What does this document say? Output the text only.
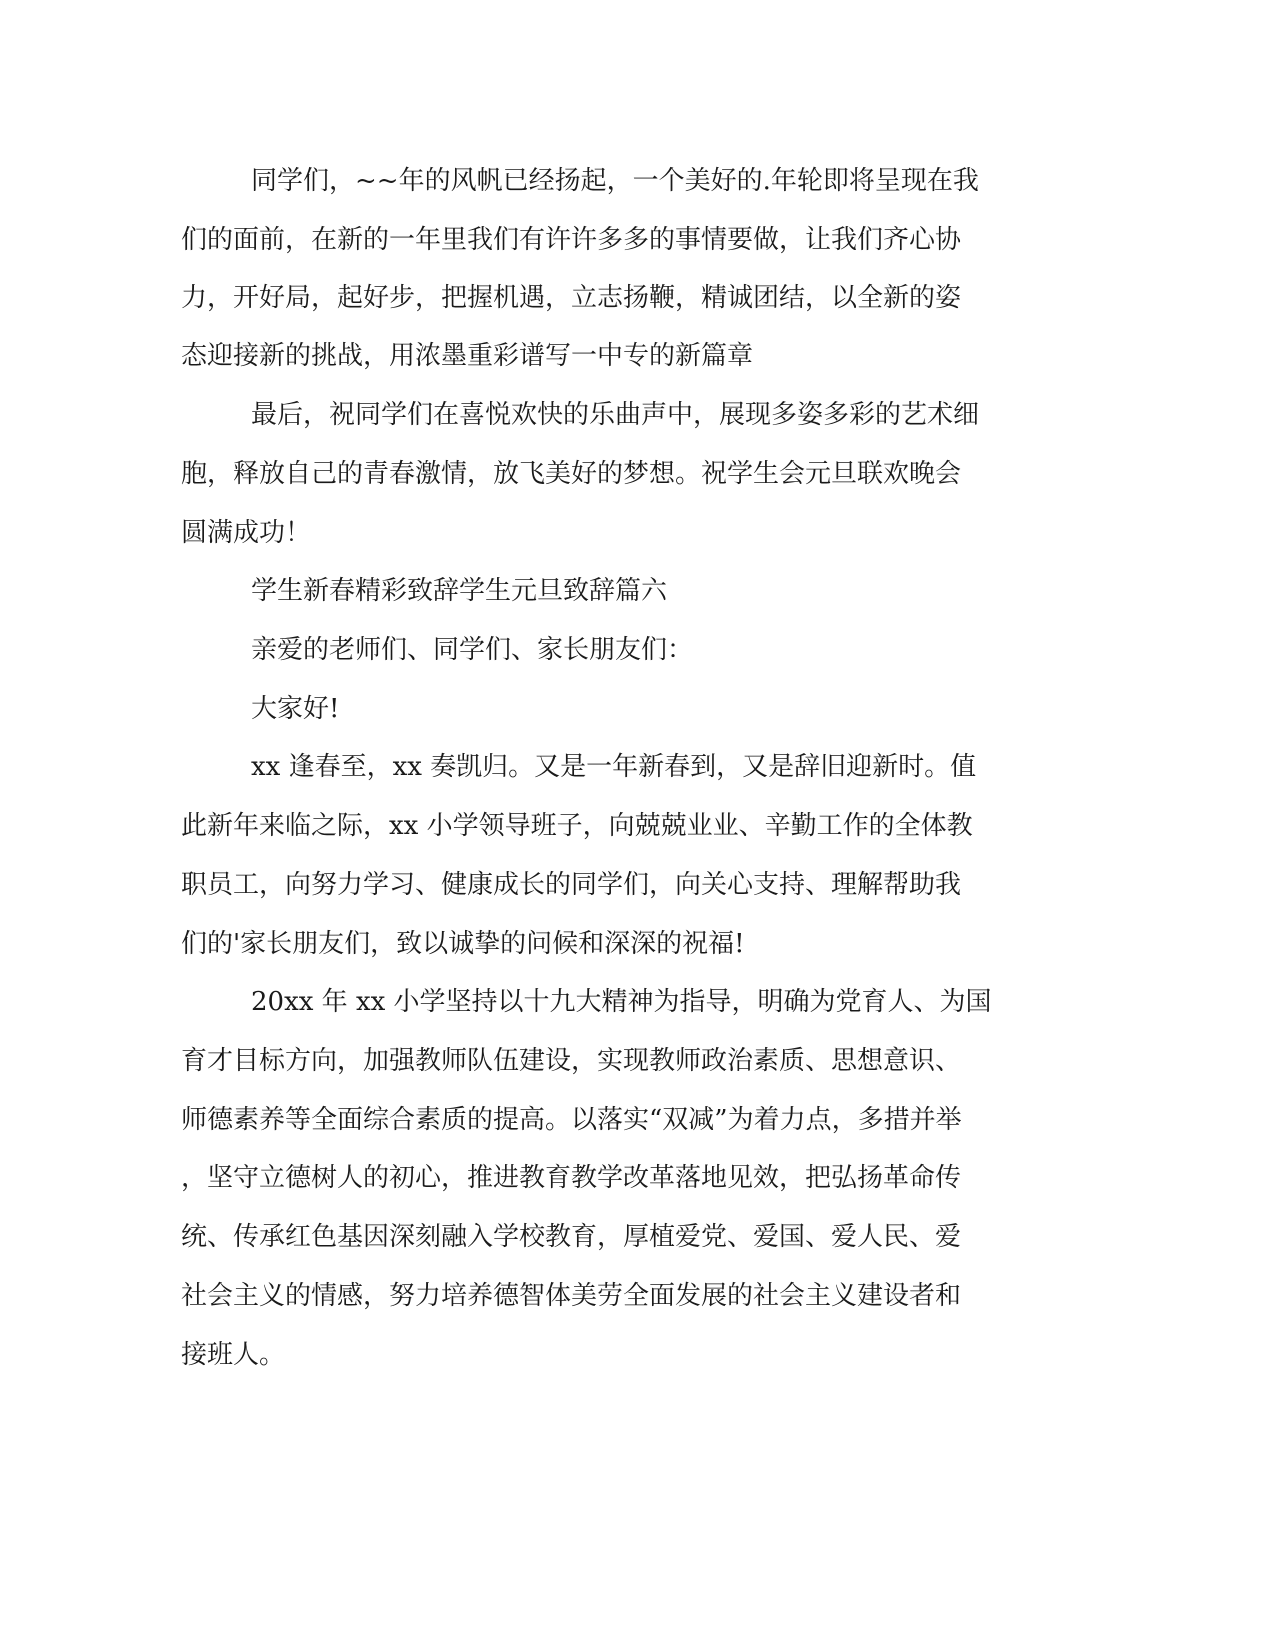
同学们，~~年的风帆已经扬起，一个美好的.年轮即将呈现在我
们的面前，在新的一年里我们有许许多多的事情要做，让我们齐心协
力，开好局，起好步，把握机遇，立志扬鞭，精诚团结，以全新的姿
态迎接新的挑战，用浓墨重彩谱写一中专的新篇章
最后，祝同学们在喜悦欢快的乐曲声中，展现多姿多彩的艺术细
胞，释放自己的青春激情，放飞美好的梦想。祝学生会元旦联欢晚会
圆满成功！
学生新春精彩致辞学生元旦致辞篇六
亲爱的老师们、同学们、家长朋友们：
大家好!
xx 逢春至，xx 奏凯归。又是一年新春到，又是辞旧迎新时。值
此新年来临之际，xx 小学领导班子，向兢兢业业、辛勤工作的全体教
职员工，向努力学习、健康成长的同学们，向关心支持、理解帮助我
们的'家长朋友们，致以诚挚的问候和深深的祝福!
20xx 年 xx 小学坚持以十九大精神为指导，明确为党育人、为国
育才目标方向，加强教师队伍建设，实现教师政治素质、思想意识、
师德素养等全面综合素质的提高。以落实“双减”为着力点，多措并举
，坚守立德树人的初心，推进教育教学改革落地见效，把弘扬革命传
统、传承红色基因深刻融入学校教育，厚植爱党、爱国、爱人民、爱
社会主义的情感，努力培养德智体美劳全面发展的社会主义建设者和
接班人。
